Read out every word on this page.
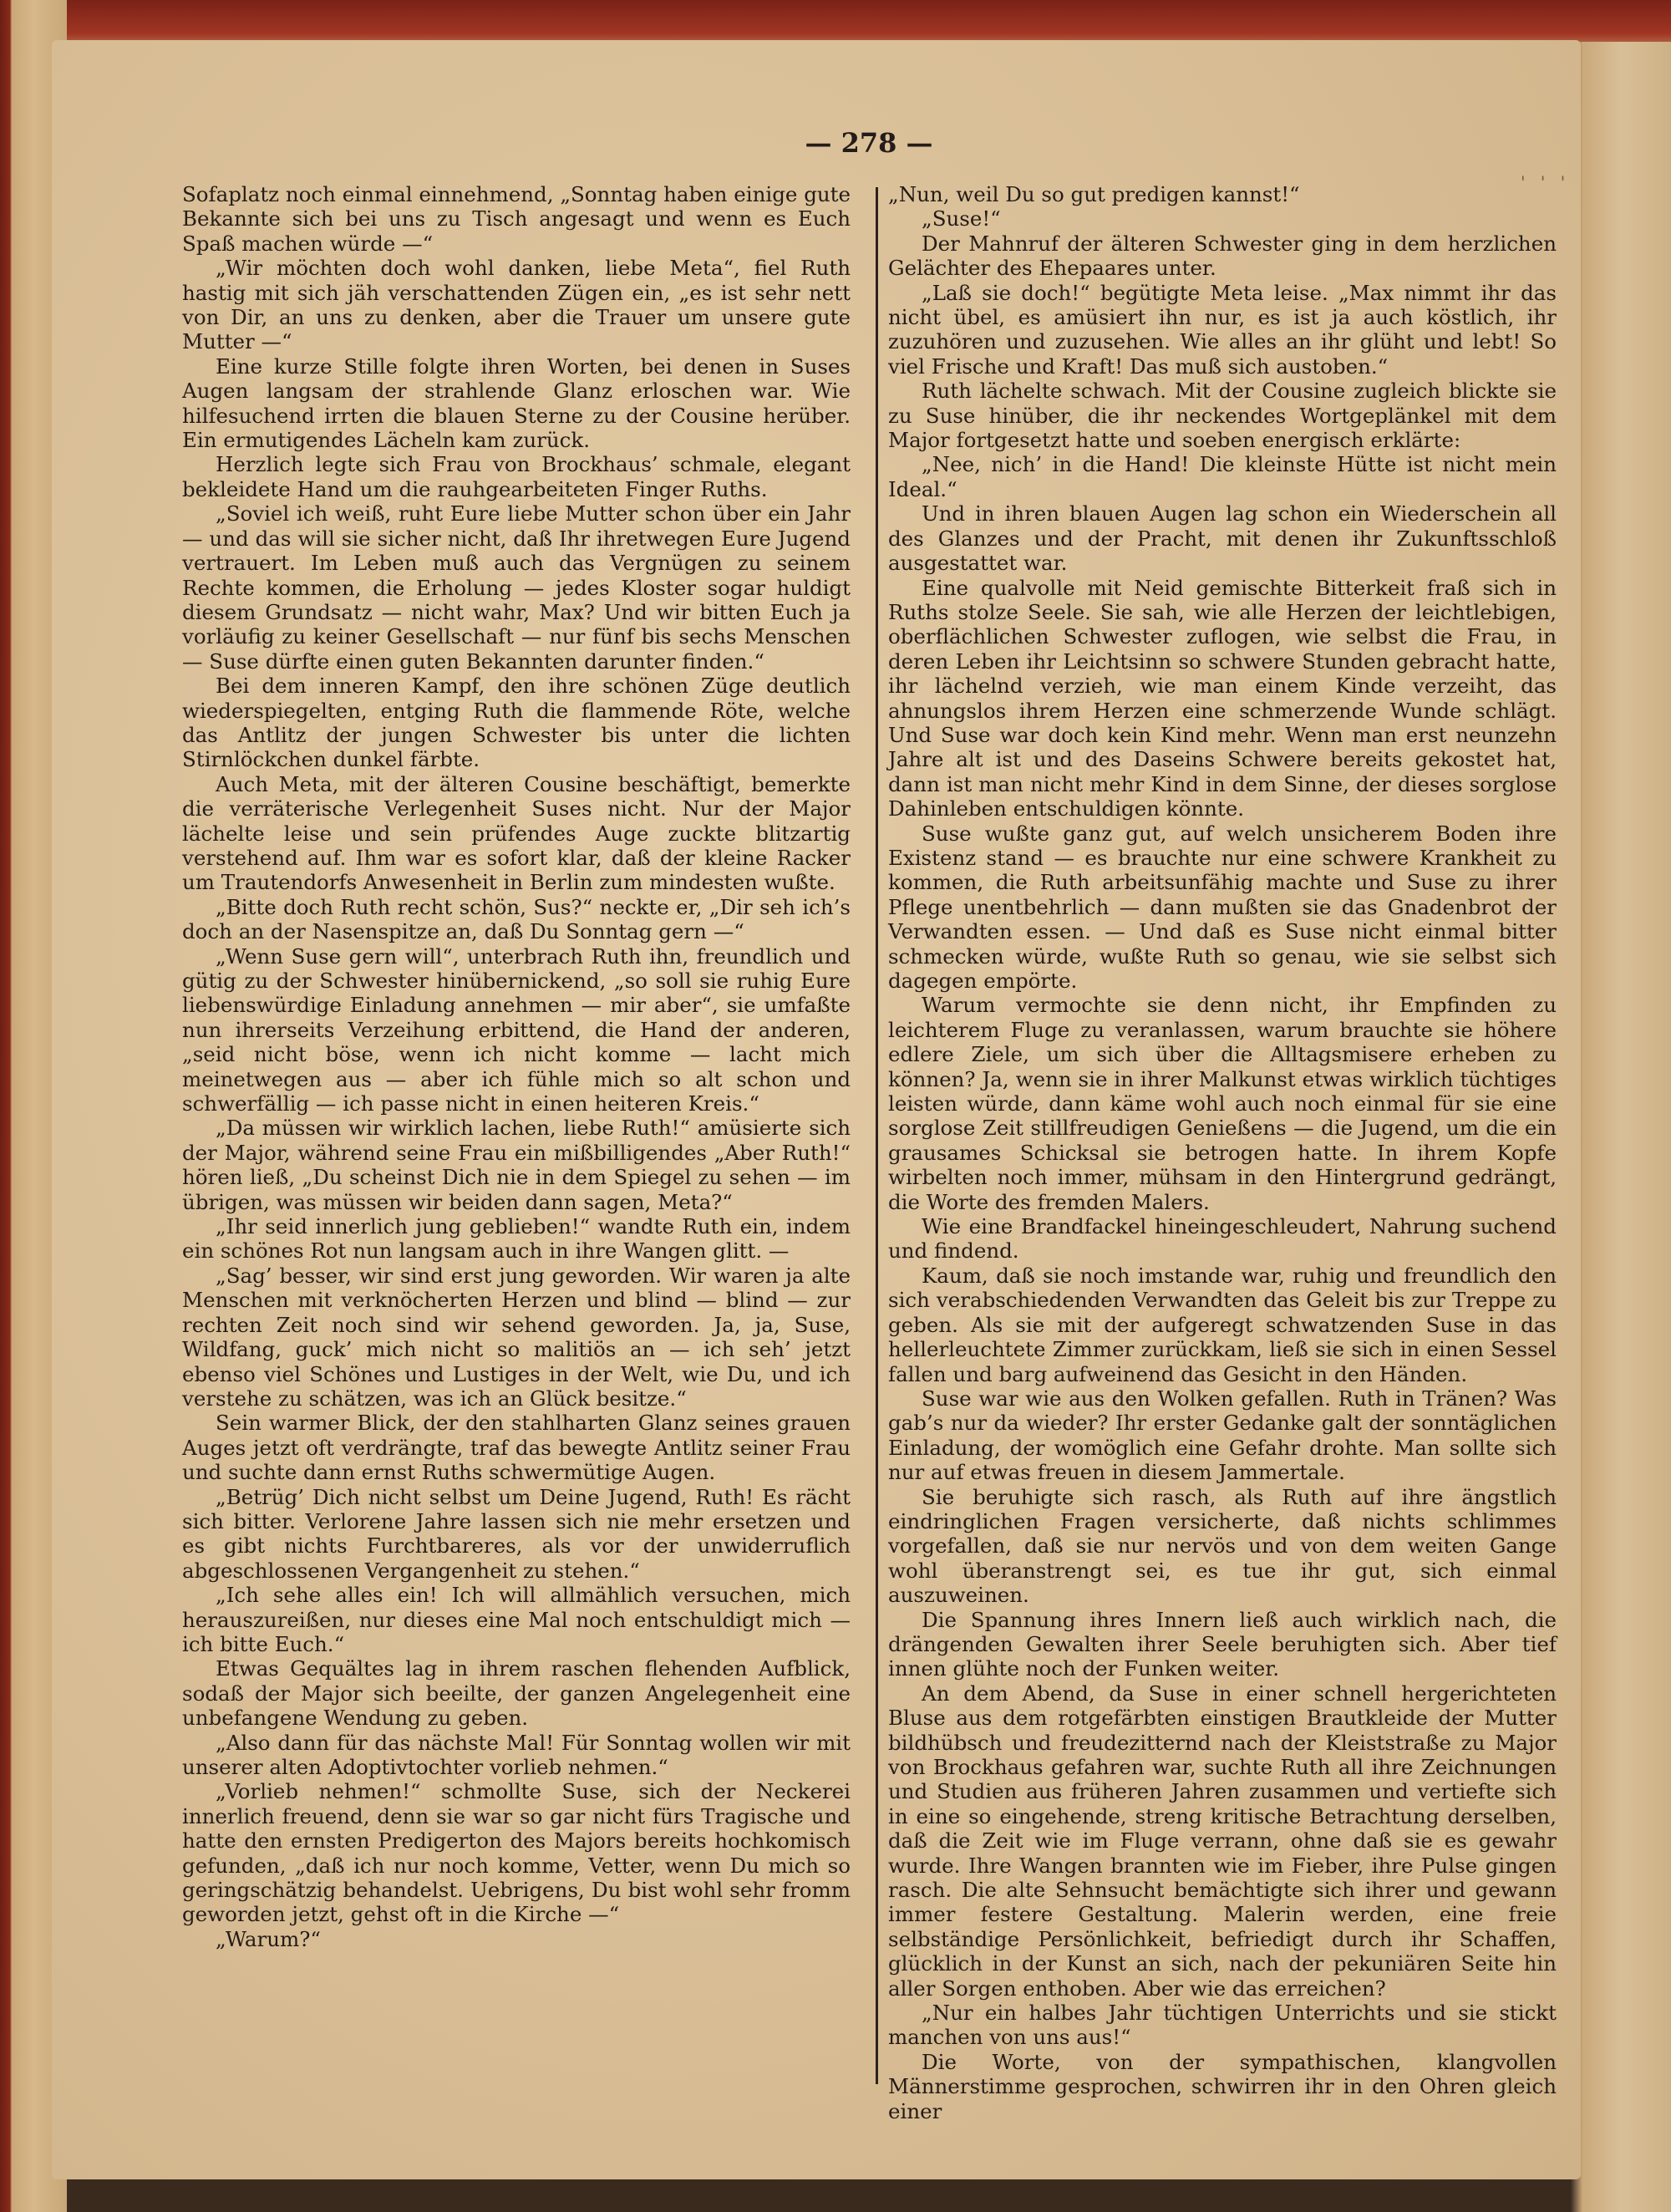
— 278 —
' ' '

Sofaplatz noch einmal einnehmend, „Sonntag haben einige gute Bekannte sich bei uns zu Tisch angesagt und wenn es Euch Spaß machen würde —“

„Wir möchten doch wohl danken, liebe Meta“, fiel Ruth hastig mit sich jäh verschattenden Zügen ein, „es ist sehr nett von Dir, an uns zu denken, aber die Trauer um unsere gute Mutter —“

Eine kurze Stille folgte ihren Worten, bei denen in Suses Augen langsam der strahlende Glanz erloschen war. Wie hilfesuchend irrten die blauen Sterne zu der Cousine herüber. Ein ermutigendes Lächeln kam zurück.

Herzlich legte sich Frau von Brockhaus’ schmale, elegant bekleidete Hand um die rauhgearbeiteten Finger Ruths.

„Soviel ich weiß, ruht Eure liebe Mutter schon über ein Jahr — und das will sie sicher nicht, daß Ihr ihretwegen Eure Jugend vertrauert. Im Leben muß auch das Vergnügen zu seinem Rechte kommen, die Erholung — jedes Kloster sogar huldigt diesem Grundsatz — nicht wahr, Max? Und wir bitten Euch ja vorläufig zu keiner Gesellschaft — nur fünf bis sechs Menschen — Suse dürfte einen guten Bekannten darunter finden.“

Bei dem inneren Kampf, den ihre schönen Züge deutlich wiederspiegelten, entging Ruth die flammende Röte, welche das Antlitz der jungen Schwester bis unter die lichten Stirnlöckchen dunkel färbte.

Auch Meta, mit der älteren Cousine beschäftigt, bemerkte die verräterische Verlegenheit Suses nicht. Nur der Major lächelte leise und sein prüfendes Auge zuckte blitzartig verstehend auf. Ihm war es sofort klar, daß der kleine Racker um Trautendorfs Anwesenheit in Berlin zum mindesten wußte.

„Bitte doch Ruth recht schön, Sus?“ neckte er, „Dir seh ich’s doch an der Nasenspitze an, daß Du Sonntag gern —“

„Wenn Suse gern will“, unterbrach Ruth ihn, freundlich und gütig zu der Schwester hinübernickend, „so soll sie ruhig Eure liebenswürdige Einladung annehmen — mir aber“, sie umfaßte nun ihrerseits Verzeihung erbittend, die Hand der anderen, „seid nicht böse, wenn ich nicht komme — lacht mich meinetwegen aus — aber ich fühle mich so alt schon und schwerfällig — ich passe nicht in einen heiteren Kreis.“

„Da müssen wir wirklich lachen, liebe Ruth!“ amüsierte sich der Major, während seine Frau ein mißbilligendes „Aber Ruth!“ hören ließ, „Du scheinst Dich nie in dem Spiegel zu sehen — im übrigen, was müssen wir beiden dann sagen, Meta?“

„Ihr seid innerlich jung geblieben!“ wandte Ruth ein, indem ein schönes Rot nun langsam auch in ihre Wangen glitt. —

„Sag’ besser, wir sind erst jung geworden. Wir waren ja alte Menschen mit verknöcherten Herzen und blind — blind — zur rechten Zeit noch sind wir sehend geworden. Ja, ja, Suse, Wildfang, guck’ mich nicht so malitiös an — ich seh’ jetzt ebenso viel Schönes und Lustiges in der Welt, wie Du, und ich verstehe zu schätzen, was ich an Glück besitze.“

Sein warmer Blick, der den stahlharten Glanz seines grauen Auges jetzt oft verdrängte, traf das bewegte Antlitz seiner Frau und suchte dann ernst Ruths schwermütige Augen.

„Betrüg’ Dich nicht selbst um Deine Jugend, Ruth! Es rächt sich bitter. Verlorene Jahre lassen sich nie mehr ersetzen und es gibt nichts Furchtbareres, als vor der unwiderruflich abgeschlossenen Vergangenheit zu stehen.“

„Ich sehe alles ein! Ich will allmählich versuchen, mich herauszureißen, nur dieses eine Mal noch entschuldigt mich — ich bitte Euch.“

Etwas Gequältes lag in ihrem raschen flehenden Aufblick, sodaß der Major sich beeilte, der ganzen Angelegenheit eine unbefangene Wendung zu geben.

„Also dann für das nächste Mal! Für Sonntag wollen wir mit unserer alten Adoptivtochter vorlieb nehmen.“

„Vorlieb nehmen!“ schmollte Suse, sich der Neckerei innerlich freuend, denn sie war so gar nicht fürs Tragische und hatte den ernsten Predigerton des Majors bereits hochkomisch gefunden, „daß ich nur noch komme, Vetter, wenn Du mich so geringschätzig behandelst. Uebrigens, Du bist wohl sehr fromm geworden jetzt, gehst oft in die Kirche —“

„Warum?“

„Nun, weil Du so gut predigen kannst!“

„Suse!“

Der Mahnruf der älteren Schwester ging in dem herzlichen Gelächter des Ehepaares unter.

„Laß sie doch!“ begütigte Meta leise. „Max nimmt ihr das nicht übel, es amüsiert ihn nur, es ist ja auch köstlich, ihr zuzuhören und zuzusehen. Wie alles an ihr glüht und lebt! So viel Frische und Kraft! Das muß sich austoben.“

Ruth lächelte schwach. Mit der Cousine zugleich blickte sie zu Suse hinüber, die ihr neckendes Wortgeplänkel mit dem Major fortgesetzt hatte und soeben energisch erklärte:

„Nee, nich’ in die Hand! Die kleinste Hütte ist nicht mein Ideal.“

Und in ihren blauen Augen lag schon ein Wiederschein all des Glanzes und der Pracht, mit denen ihr Zukunftsschloß ausgestattet war.

Eine qualvolle mit Neid gemischte Bitterkeit fraß sich in Ruths stolze Seele. Sie sah, wie alle Herzen der leichtlebigen, oberflächlichen Schwester zuflogen, wie selbst die Frau, in deren Leben ihr Leichtsinn so schwere Stunden gebracht hatte, ihr lächelnd verzieh, wie man einem Kinde verzeiht, das ahnungslos ihrem Herzen eine schmerzende Wunde schlägt. Und Suse war doch kein Kind mehr. Wenn man erst neunzehn Jahre alt ist und des Daseins Schwere bereits gekostet hat, dann ist man nicht mehr Kind in dem Sinne, der dieses sorglose Dahinleben entschuldigen könnte.

Suse wußte ganz gut, auf welch unsicherem Boden ihre Existenz stand — es brauchte nur eine schwere Krankheit zu kommen, die Ruth arbeitsunfähig machte und Suse zu ihrer Pflege unentbehrlich — dann mußten sie das Gnadenbrot der Verwandten essen. — Und daß es Suse nicht einmal bitter schmecken würde, wußte Ruth so genau, wie sie selbst sich dagegen empörte.

Warum vermochte sie denn nicht, ihr Empfinden zu leichterem Fluge zu veranlassen, warum brauchte sie höhere edlere Ziele, um sich über die Alltagsmisere erheben zu können? Ja, wenn sie in ihrer Malkunst etwas wirklich tüchtiges leisten würde, dann käme wohl auch noch einmal für sie eine sorglose Zeit stillfreudigen Genießens — die Jugend, um die ein grausames Schicksal sie betrogen hatte. In ihrem Kopfe wirbelten noch immer, mühsam in den Hintergrund gedrängt, die Worte des fremden Malers.

Wie eine Brandfackel hineingeschleudert, Nahrung suchend und findend.

Kaum, daß sie noch imstande war, ruhig und freundlich den sich verabschiedenden Verwandten das Geleit bis zur Treppe zu geben. Als sie mit der aufgeregt schwatzenden Suse in das hellerleuchtete Zimmer zurückkam, ließ sie sich in einen Sessel fallen und barg aufweinend das Gesicht in den Händen.

Suse war wie aus den Wolken gefallen. Ruth in Tränen? Was gab’s nur da wieder? Ihr erster Gedanke galt der sonntäglichen Einladung, der womöglich eine Gefahr drohte. Man sollte sich nur auf etwas freuen in diesem Jammertale.

Sie beruhigte sich rasch, als Ruth auf ihre ängstlich eindringlichen Fragen versicherte, daß nichts schlimmes vorgefallen, daß sie nur nervös und von dem weiten Gange wohl überanstrengt sei, es tue ihr gut, sich einmal auszuweinen.

Die Spannung ihres Innern ließ auch wirklich nach, die drängenden Gewalten ihrer Seele beruhigten sich. Aber tief innen glühte noch der Funken weiter.

An dem Abend, da Suse in einer schnell hergerichteten Bluse aus dem rotgefärbten einstigen Brautkleide der Mutter bildhübsch und freudezitternd nach der Kleiststraße zu Major von Brockhaus gefahren war, suchte Ruth all ihre Zeichnungen und Studien aus früheren Jahren zusammen und vertiefte sich in eine so eingehende, streng kritische Betrachtung derselben, daß die Zeit wie im Fluge verrann, ohne daß sie es gewahr wurde. Ihre Wangen brannten wie im Fieber, ihre Pulse gingen rasch. Die alte Sehnsucht bemächtigte sich ihrer und gewann immer festere Gestaltung. Malerin werden, eine freie selbständige Persönlichkeit, befriedigt durch ihr Schaffen, glücklich in der Kunst an sich, nach der pekuniären Seite hin aller Sorgen enthoben. Aber wie das erreichen?

„Nur ein halbes Jahr tüchtigen Unterrichts und sie stickt manchen von uns aus!“

Die Worte, von der sympathischen, klangvollen Männerstimme gesprochen, schwirren ihr in den Ohren gleich einer
